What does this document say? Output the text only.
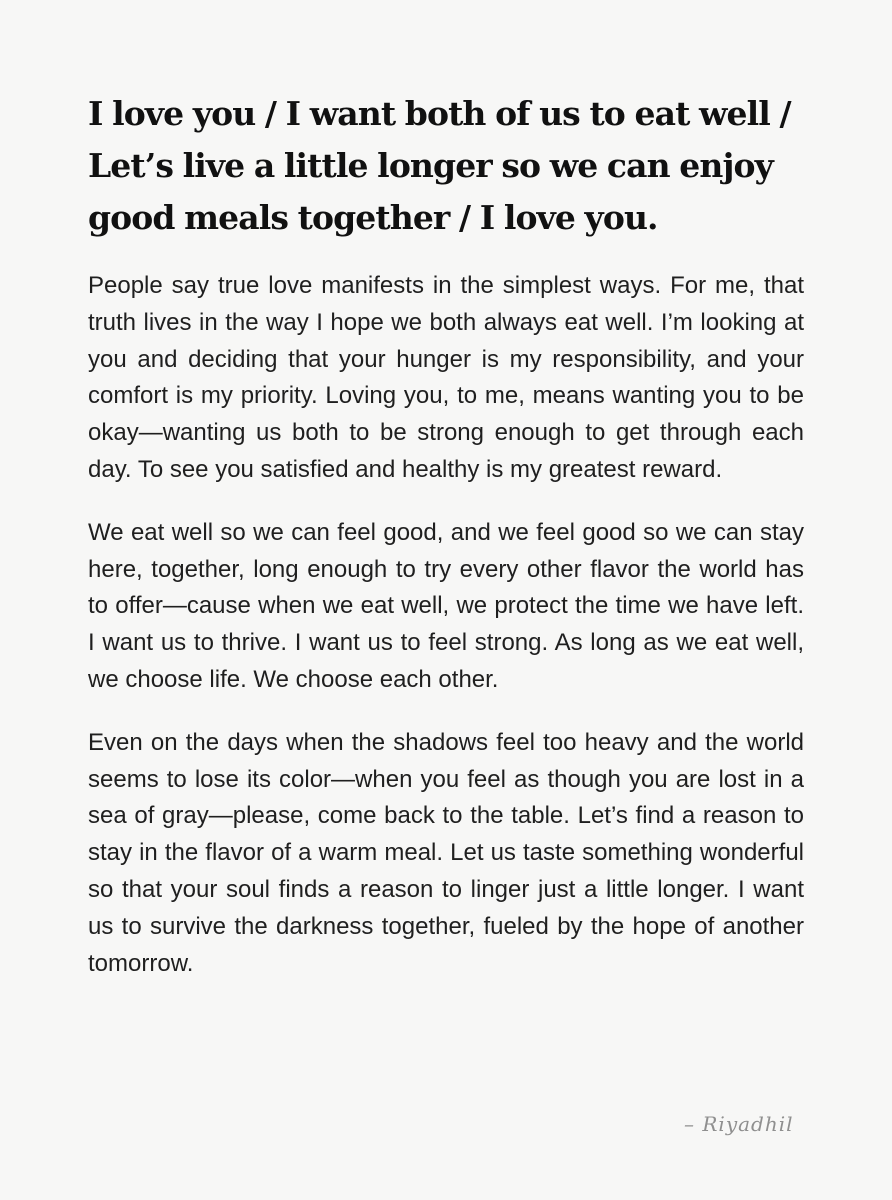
I love you / I want both of us to eat well /
Let’s live a little longer so we can enjoy
good meals together / I love you.

People say true love manifests in the simplest ways. For me, that truth lives in the way I hope we both always eat well. I’m looking at you and deciding that your hunger is my responsibility, and your comfort is my priority. Loving you, to me, means wanting you to be okay—wanting us both to be strong enough to get through each day. To see you satisfied and healthy is my greatest reward.

We eat well so we can feel good, and we feel good so we can stay here, together, long enough to try every other flavor the world has to offer—cause when we eat well, we protect the time we have left. I want us to thrive. I want us to feel strong. As long as we eat well, we choose life. We choose each other.

Even on the days when the shadows feel too heavy and the world seems to lose its color—when you feel as though you are lost in a sea of gray—please, come back to the table. Let’s find a reason to stay in the flavor of a warm meal. Let us taste something wonderful so that your soul finds a reason to linger just a little longer. I want us to survive the darkness together, fueled by the hope of another tomorrow.

– Riyadhil
